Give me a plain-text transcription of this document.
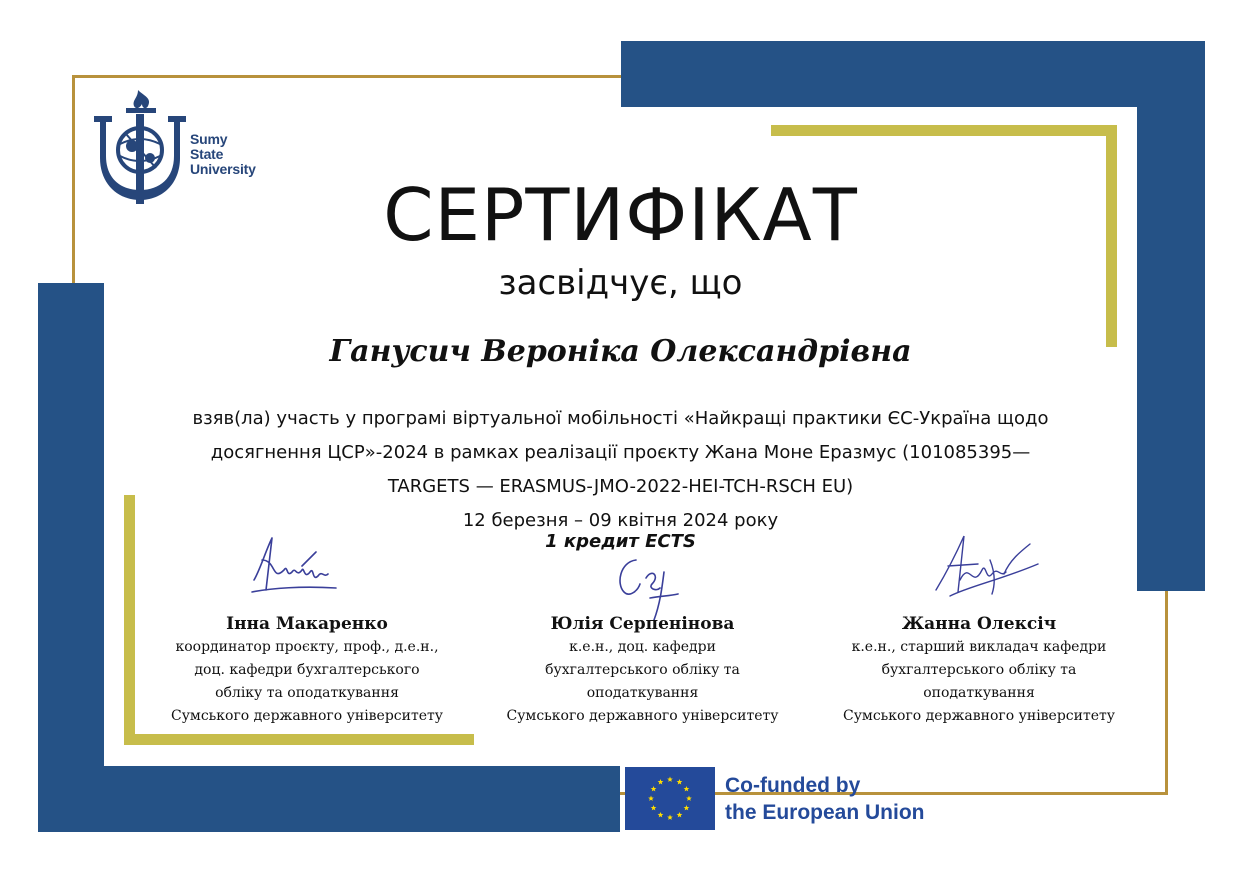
Sumy
State
University
СЕРТИФІКАТ
засвідчує, що
Ганусич Вероніка Олександрівна
взяв(ла) участь у програмі віртуальної мобільності «Найкращі практики ЄС-Україна щодо
досягнення ЦСР»-2024 в рамках реалізації проєкту Жана Моне Еразмус (101085395—
TARGETS — ERASMUS-JMO-2022-HEI-TCH-RSCH EU)
12 березня – 09 квітня 2024 року
1 кредит ECTS
Інна Макаренко
координатор проєкту, проф., д.е.н.,
доц. кафедри бухгалтерського
обліку та оподаткування
Сумського державного університету
Юлія Серпенінова
к.е.н., доц. кафедри
бухгалтерського обліку та
оподаткування
Сумського державного університету
Жанна Олексіч
к.е.н., старший викладач кафедри
бухгалтерського обліку та
оподаткування
Сумського державного університету
Co-funded by
the European Union
